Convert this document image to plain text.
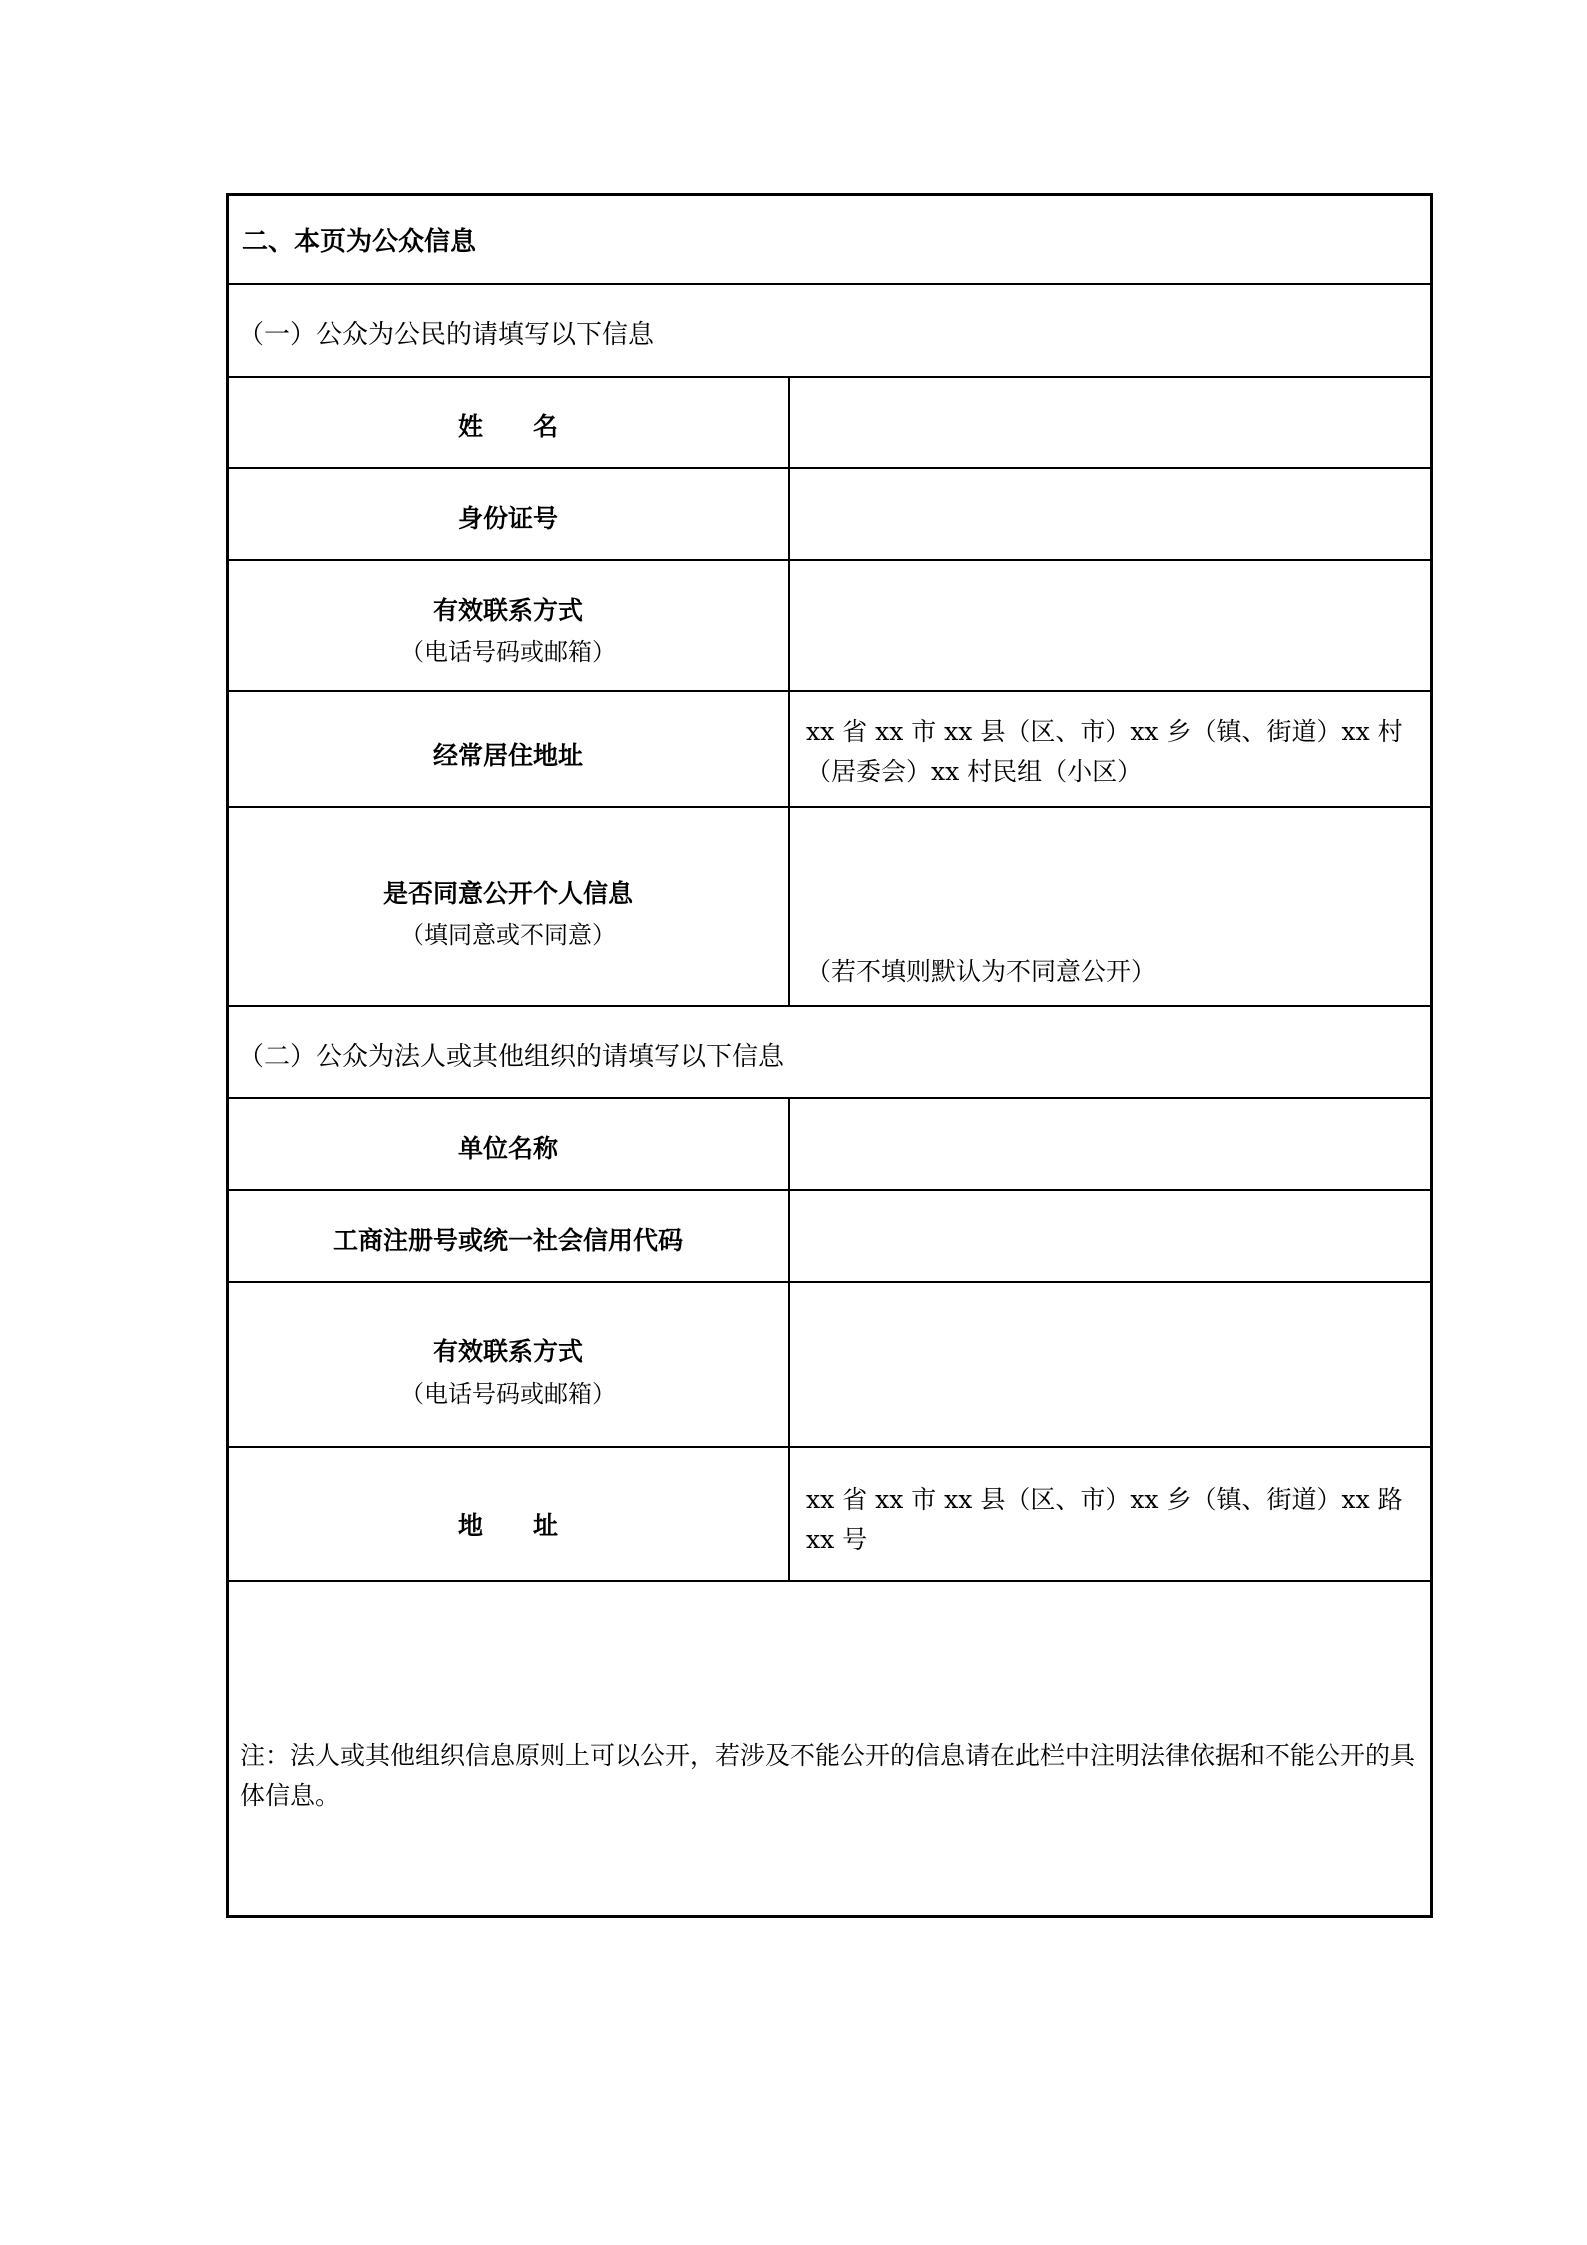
二、本页为公众信息
（一）公众为公民的请填写以下信息
姓　　名
身份证号
有效联系方式
（电话号码或邮箱）
经常居住地址
xx 省 xx 市 xx 县（区、市）xx 乡（镇、街道）xx 村（居委会）xx 村民组（小区）
是否同意公开个人信息
（填同意或不同意）
（若不填则默认为不同意公开）
（二）公众为法人或其他组织的请填写以下信息
单位名称
工商注册号或统一社会信用代码
有效联系方式
（电话号码或邮箱）
地　　址
xx 省 xx 市 xx 县（区、市）xx 乡（镇、街道）xx 路 xx 号
注：法人或其他组织信息原则上可以公开，若涉及不能公开的信息请在此栏中注明法律依据和不能公开的具体信息。
